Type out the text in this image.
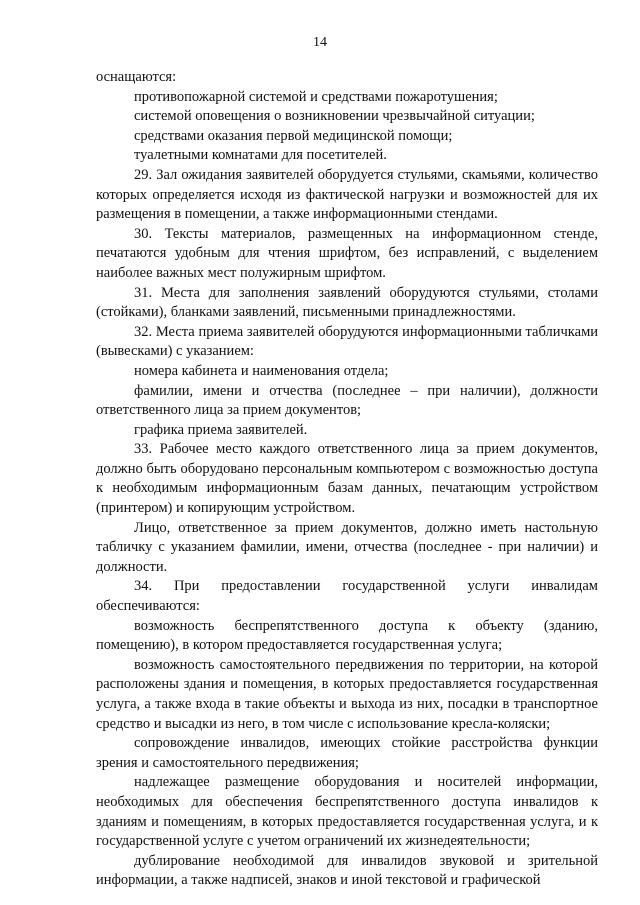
14

оснащаются:

противопожарной системой и средствами пожаротушения;

системой оповещения о возникновении чрезвычайной ситуации;

средствами оказания первой медицинской помощи;

туалетными комнатами для посетителей.

29. Зал ожидания заявителей оборудуется стульями, скамьями, количество которых определяется исходя из фактической нагрузки и возможностей для их размещения в помещении, а также информационными стендами.

30. Тексты материалов, размещенных на информационном стенде, печатаются удобным для чтения шрифтом, без исправлений, с выделением наиболее важных мест полужирным шрифтом.

31. Места для заполнения заявлений оборудуются стульями, столами (стойками), бланками заявлений, письменными принадлежностями.

32. Места приема заявителей оборудуются информационными табличками (вывесками) с указанием:

номера кабинета и наименования отдела;

фамилии, имени и отчества (последнее – при наличии), должности ответственного лица за прием документов;

графика приема заявителей.

33. Рабочее место каждого ответственного лица за прием документов, должно быть оборудовано персональным компьютером с возможностью доступа к необходимым информационным базам данных, печатающим устройством (принтером) и копирующим устройством.

Лицо, ответственное за прием документов, должно иметь настольную табличку с указанием фамилии, имени, отчества (последнее - при наличии) и должности.

34. При предоставлении государственной услуги инвалидам обеспечиваются:

возможность беспрепятственного доступа к объекту (зданию, помещению), в котором предоставляется государственная услуга;

возможность самостоятельного передвижения по территории, на которой расположены здания и помещения, в которых предоставляется государственная услуга, а также входа в такие объекты и выхода из них, посадки в транспортное средство и высадки из него, в том числе с использование кресла-коляски;

сопровождение инвалидов, имеющих стойкие расстройства функции зрения и самостоятельного передвижения;

надлежащее размещение оборудования и носителей информации, необходимых для обеспечения беспрепятственного доступа инвалидов к зданиям и помещениям, в которых предоставляется государственная услуга, и к государственной услуге с учетом ограничений их жизнедеятельности;

дублирование необходимой для инвалидов звуковой и зрительной информации, а также надписей, знаков и иной текстовой и графической
